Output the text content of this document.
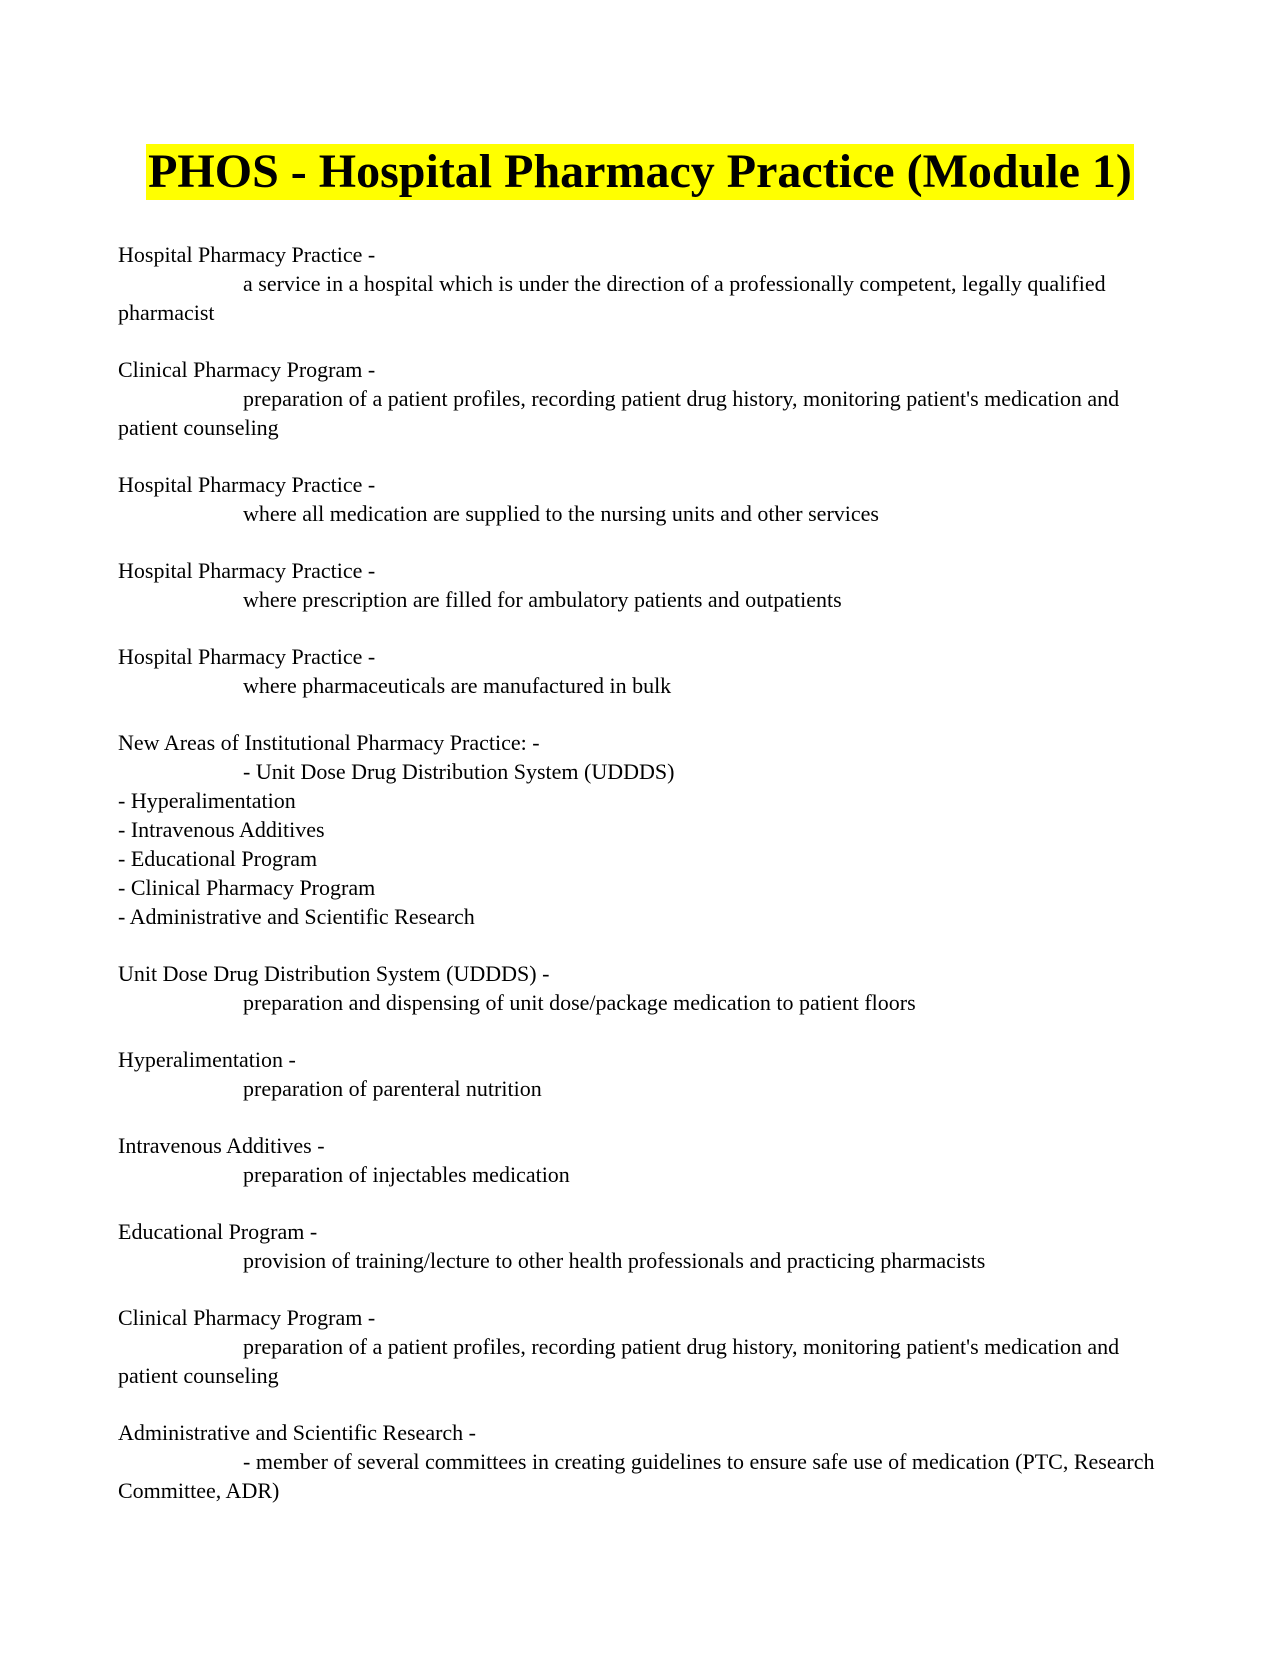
PHOS - Hospital Pharmacy Practice (Module 1)
Hospital Pharmacy Practice -
a service in a hospital which is under the direction of a professionally competent, legally qualified pharmacist
Clinical Pharmacy Program -
preparation of a patient profiles, recording patient drug history, monitoring patient's medication and patient counseling
Hospital Pharmacy Practice -
where all medication are supplied to the nursing units and other services
Hospital Pharmacy Practice -
where prescription are filled for ambulatory patients and outpatients
Hospital Pharmacy Practice -
where pharmaceuticals are manufactured in bulk
New Areas of Institutional Pharmacy Practice: -
- Unit Dose Drug Distribution System (UDDDS)
- Hyperalimentation
- Intravenous Additives
- Educational Program
- Clinical Pharmacy Program
- Administrative and Scientific Research
Unit Dose Drug Distribution System (UDDDS) -
preparation and dispensing of unit dose/package medication to patient floors
Hyperalimentation -
preparation of parenteral nutrition
Intravenous Additives -
preparation of injectables medication
Educational Program -
provision of training/lecture to other health professionals and practicing pharmacists
Clinical Pharmacy Program -
preparation of a patient profiles, recording patient drug history, monitoring patient's medication and patient counseling
Administrative and Scientific Research -
- member of several committees in creating guidelines to ensure safe use of medication (PTC, Research Committee, ADR)
